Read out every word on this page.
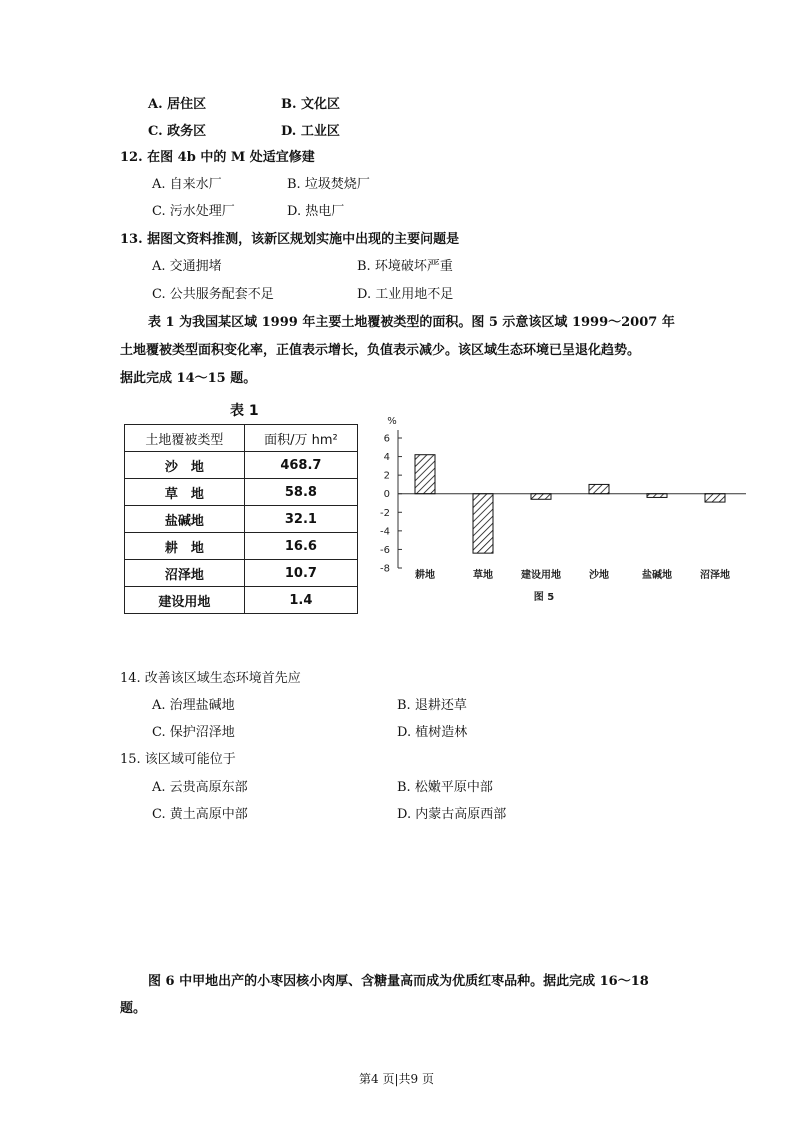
A. 居住区	B. 文化区
C. 政务区	D. 工业区
12. 在图 4b 中的 M 处适宜修建
A. 自来水厂	B. 垃圾焚烧厂
C. 污水处理厂	D. 热电厂
13. 据图文资料推测，该新区规划实施中出现的主要问题是
A. 交通拥堵	B. 环境破坏严重
C. 公共服务配套不足	D. 工业用地不足
表 1 为我国某区域 1999 年主要土地覆被类型的面积。图 5 示意该区域 1999～2007 年
土地覆被类型面积变化率，正值表示增长，负值表示减少。该区域生态环境已呈退化趋势。
据此完成 14～15 题。
表 1
土地覆被类型	面积/万 hm²
沙　地	468.7
草　地	58.8
盐碱地	32.1
耕　地	16.6
沼泽地	10.7
建设用地	1.4
%
6
4
2
0
-2
-4
-6
-8
耕地	草地	建设用地	沙地	盐碱地	沼泽地
图 5
14. 改善该区域生态环境首先应
A. 治理盐碱地	B. 退耕还草
C. 保护沼泽地	D. 植树造林
15. 该区域可能位于
A. 云贵高原东部	B. 松嫩平原中部
C. 黄土高原中部	D. 内蒙古高原西部
图 6 中甲地出产的小枣因核小肉厚、含糖量高而成为优质红枣品种。据此完成 16～18
题。
第4 页|共9 页
